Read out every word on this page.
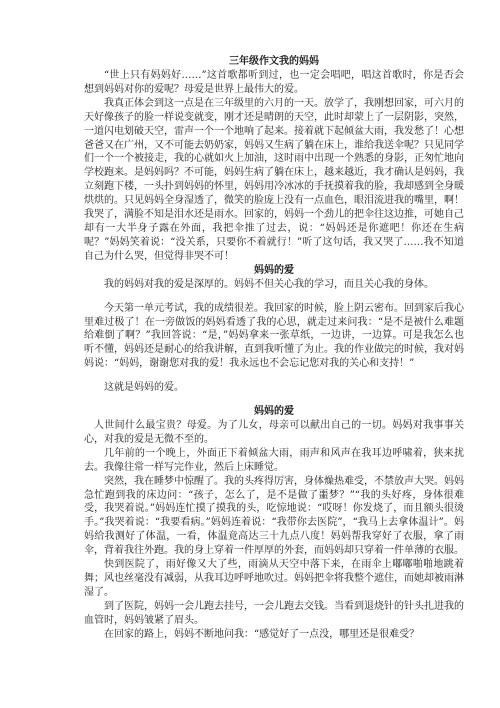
三年级作文我的妈妈

“世上只有妈妈好……”这首歌都听到过，也一定会唱吧，唱这首歌时，你是否会想到妈妈对你的爱呢？母爱是世界上最伟大的爱。

我真正体会到这一点是在三年级里的六月的一天。放学了，我刚想回家，可六月的天好像孩子的脸一样说变就变，刚才还是晴朗的天空，此时却蒙上了一层阴影，突然，一道闪电划破天空，雷声一个一个地响了起来。接着就下起倾盆大雨，我发愁了！心想爸爸又在广州，又不可能去奶奶家，妈妈又生病了躺在床上，谁给我送伞呢？只见同学们一个一个被接走，我的心就如火上加油，这时雨中出现一个熟悉的身影，正匆忙地向学校跑来。是妈妈吗？不可能，妈妈生病了躺在床上，越来越近，我才确认是妈妈，我立刻跑下楼，一头扑到妈妈的怀里，妈妈用冷冰冰的手抚摸着我的脸，我却感到全身暖烘烘的。只见妈妈全身湿透了，微笑的脸庞上没有一点血色，眼泪流进我的嘴里，啊！我哭了，满脸不知是泪水还是雨水。回家的，妈妈一个劲儿的把伞往这边推，可她自己却有一大半身子露在外面，我把伞推了过去，说：“妈妈还是你遮吧！你还在生病呢？”妈妈笑着说：“没关系，只要你不着就行！”听了这句话，我又哭了……我不知道自己为什么哭，但觉得非哭不可！

妈妈的爱

我的妈妈对我的爱是深厚的。妈妈不但关心我的学习，而且关心我的身体。

今天第一单元考试，我的成绩很差。我回家的时候，脸上阴云密布。回到家后我心里难过极了！在一旁做饭的妈妈看透了我的心思，就走过来问我：“是不是被什么难题给难倒了啊？”我回答说：“是，”妈妈拿来一张草纸，一边讲，一边算。可是我怎么也听不懂，妈妈还是耐心的给我讲解，直到我听懂了为止。我的作业做完的时候，我对妈妈说：“妈妈，谢谢您对我的爱！我永远也不会忘记您对我的关心和支持！”

这就是妈妈的爱。

妈妈的爱

人世间什么最宝贵？母爱。为了儿女，母亲可以献出自己的一切。妈妈对我事事关心，对我的爱是无微不至的。

几年前的一个晚上，外面正下着倾盆大雨，雨声和风声在我耳边呼啸着，狭来扰去。我像往常一样写完作业，然后上床睡觉。

突然，我在睡梦中惊醒了。我的头疼得厉害，身体燥热难受，不禁放声大哭。妈妈急忙跑到我的床边问：“孩子，怎么了，是不是做了噩梦？”“我的头好疼，身体很难受，我哭着说。”妈妈连忙摸了摸我的头，吃惊地说：“哎呀！你发烧了，而且额头很烫手。”我哭着说：“我要看病。”妈妈连着说：“我带你去医院”，“我马上去拿体温计”。妈妈给我测好了体温，一看，体温竟高达三十九点八度！妈妈帮我穿好了衣服，拿了雨伞，背着我往外跑。我的身上穿着一件厚厚的外套，而妈妈却只穿着一件单薄的衣服。

快到医院了，雨好像又大了些，雨滴从天空中落下来，在雨伞上嘟嘟啪啪地跳着舞；风也丝毫没有减弱，从我耳边呼呼地吹过。妈妈把伞将我整个遮住，而她却被雨淋湿了。

到了医院，妈妈一会儿跑去挂号，一会儿跑去交钱。当看到退烧针的针头扎进我的血管时，妈妈皱紧了眉头。

在回家的路上，妈妈不断地问我：“感觉好了一点没，哪里还是很难受？
